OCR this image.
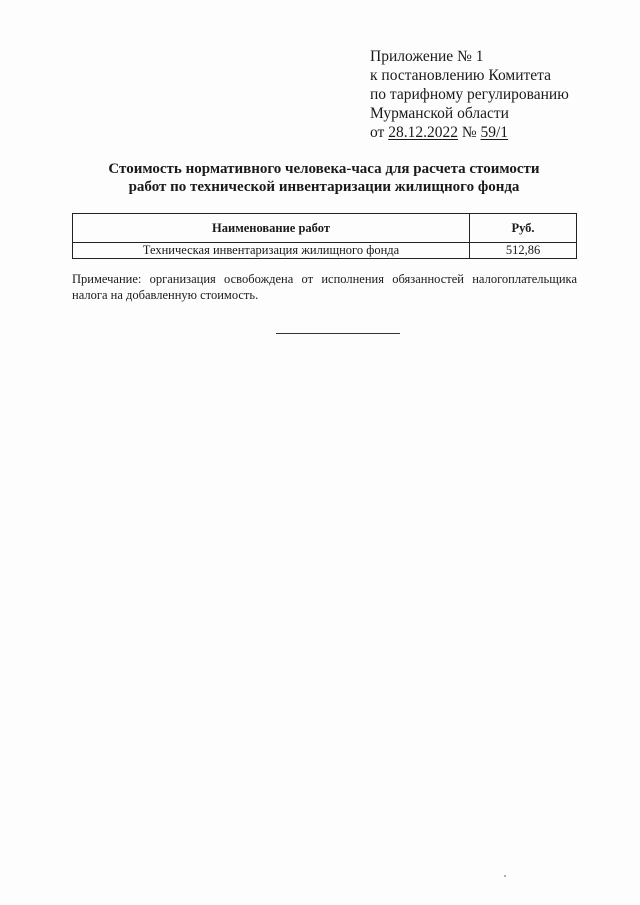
Приложение № 1
к постановлению Комитета
по тарифному регулированию
Мурманской области
от 28.12.2022 № 59/1
Стоимость нормативного человека-часа для расчета стоимости
работ по технической инвентаризации жилищного фонда
Наименование работ	Руб.
Техническая инвентаризация жилищного фонда	512,86
Примечание: организация освобождена от исполнения обязанностей налогоплательщика налога на добавленную стоимость.
